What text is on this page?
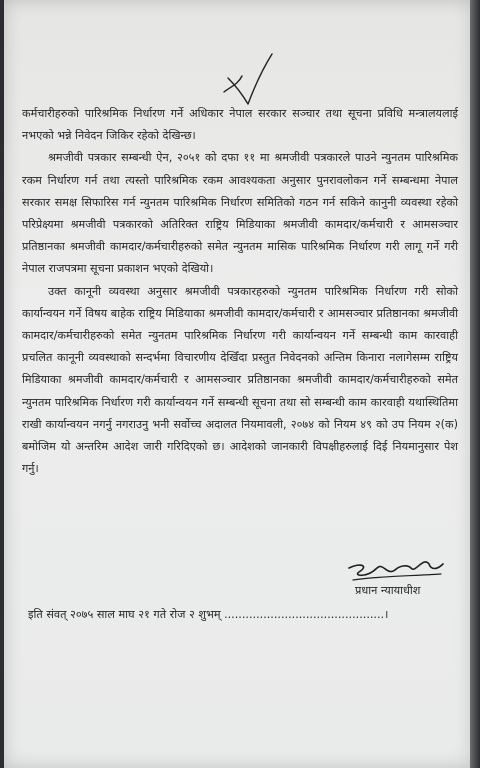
कर्मचारीहरुको पारिश्रमिक निर्धारण गर्ने अधिकार नेपाल सरकार सञ्चार तथा सूचना प्रविधि मन्त्रालयलाई नभएको भन्ने निवेदन जिकिर रहेको देखिन्छ।

श्रमजीवी पत्रकार सम्बन्धी ऐन, २०५१ को दफा ११ मा श्रमजीवी पत्रकारले पाउने न्युनतम पारिश्रमिक रकम निर्धारण गर्न तथा त्यस्तो पारिश्रमिक रकम आवश्यकता अनुसार पुनरावलोकन गर्ने सम्बन्धमा नेपाल सरकार समक्ष सिफारिस गर्न न्युनतम पारिश्रमिक निर्धारण समितिको गठन गर्न सकिने कानुनी व्यवस्था रहेको परिप्रेक्ष्यमा श्रमजीवी पत्रकारको अतिरिक्त राष्ट्रिय मिडियाका श्रमजीवी कामदार/कर्मचारी र आमसञ्चार प्रतिष्ठानका श्रमजीवी कामदार/कर्मचारीहरुको समेत न्युनतम मासिक पारिश्रमिक निर्धारण गरी लागू गर्ने गरी नेपाल राजपत्रमा सूचना प्रकाशन भएको देखियो।

उक्त कानूनी व्यवस्था अनुसार श्रमजीवी पत्रकारहरुको न्युनतम पारिश्रमिक निर्धारण गरी सोको कार्यान्वयन गर्ने विषय बाहेक राष्ट्रिय मिडियाका श्रमजीवी कामदार/कर्मचारी र आमसञ्चार प्रतिष्ठानका श्रमजीवी कामदार/कर्मचारीहरुको समेत न्युनतम पारिश्रमिक निर्धारण गरी कार्यान्वयन गर्ने सम्बन्धी काम कारवाही प्रचलित कानूनी व्यवस्थाको सन्दर्भमा विचारणीय देखिँदा प्रस्तुत निवेदनको अन्तिम किनारा नलागेसम्म राष्ट्रिय मिडियाका श्रमजीवी कामदार/कर्मचारी र आमसञ्चार प्रतिष्ठानका श्रमजीवी कामदार/कर्मचारीहरुको समेत न्युनतम पारिश्रमिक निर्धारण गरी कार्यान्वयन गर्ने सम्बन्धी सूचना तथा सो सम्बन्धी काम कारवाही यथास्थितिमा राखी कार्यान्वयन नगर्नु नगराउनु भनी सर्वोच्च अदालत नियमावली, २०७४ को नियम ४९ को उप नियम २(क) बमोजिम यो अन्तरिम आदेश जारी गरिदिएको छ। आदेशको जानकारी विपक्षीहरुलाई दिई नियमानुसार पेश गर्नु।

प्रधान न्यायाधीश
इति संवत् २०७५ साल माघ २१ गते रोज २ शुभम् .............................................।
